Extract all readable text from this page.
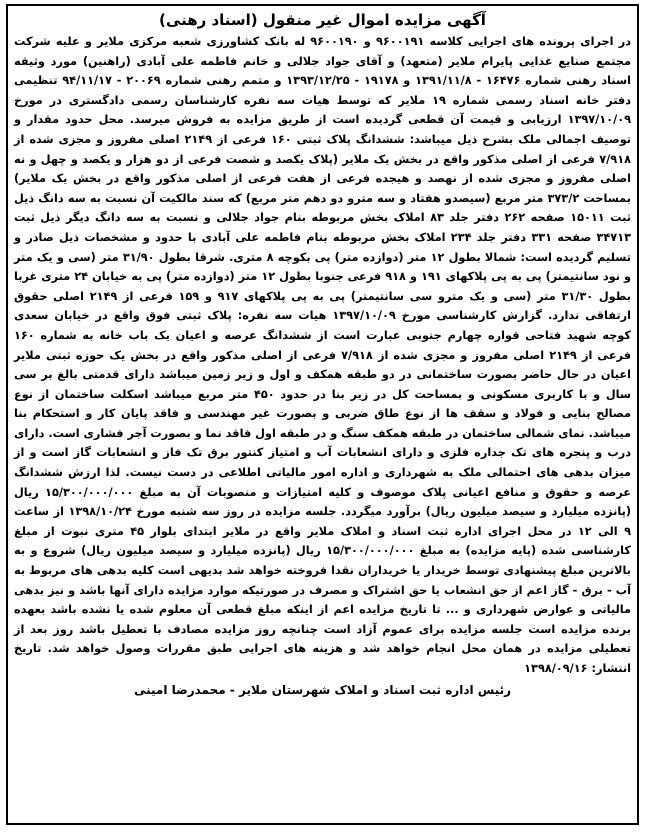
آگهی مزایده اموال غیر منقول (اسناد رهنی)

در اجرای پرونده های اجرایی کلاسه ۹۶۰۰۱۹۱ و ۹۶۰۰۱۹۰ له بانک کشاورزی شعبه مرکزی ملایر و علیه شرکت مجتمع صنایع غذایی پایرام ملایر (متعهد) و آقای جواد جلالی و خانم فاطمه علی آبادی (راهنین) مورد وثیقه اسناد رهنی شماره ۱۶۴۷۶ - ۱۳۹۱/۱۱/۸ و ۱۹۱۷۸ - ۱۳۹۳/۱۲/۲۵ و متمم رهنی شماره ۲۰۰۶۹ - ۹۴/۱۱/۱۷ تنظیمی دفتر خانه اسناد رسمی شماره ۱۹ ملایر که توسط هیات سه نفره کارشناسان رسمی دادگستری در مورخ ۱۳۹۷/۱۰/۰۹ ارزیابی و قیمت آن قطعی گردیده است از طریق مزایده به فروش میرسد. محل حدود مقدار و توصیف اجمالی ملک بشرح ذیل میباشد: ششدانگ پلاک ثبتی ۱۶۰ فرعی از ۲۱۴۹ اصلی مفروز و مجزی شده از ۷/۹۱۸ فرعی از اصلی مذکور واقع در بخش یک ملایر (پلاک یکصد و شصت فرعی از دو هزار و یکصد و چهل و نه اصلی مفروز و مجزی شده از نهصد و هیجده فرعی از هفت فرعی از اصلی مذکور واقع در بخش یک ملایر) بمساحت ۳۷۳/۲ متر مربع (سیصدو هفتاد و سه مترو دو دهم متر مربع) که سند مالکیت آن نسبت به سه دانگ ذیل ثبت ۱۵۰۱۱ صفحه ۲۶۲ دفتر جلد ۸۳ املاک بخش مربوطه بنام جواد جلالی و نسبت به سه دانگ دیگر ذیل ثبت ۳۴۷۱۳ صفحه ۳۳۱ دفتر جلد ۲۳۴ املاک بخش مربوطه بنام فاطمه علی آبادی با حدود و مشخصات ذیل صادر و تسلیم گردیده است: شمالا بطول ۱۲ متر (دوازده متر) پی بکوچه ۸ متری. شرقا بطول ۳۱/۹۰ متر (سی و یک متر و نود سانتیمتر) پی به پی پلاکهای ۱۹۱ و ۹۱۸ فرعی جنوبا بطول ۱۲ متر (دوازده متر) پی به خیابان ۲۴ متری غربا بطول ۳۱/۳۰ متر (سی و یک مترو سی سانتیمتر) پی به پی پلاکهای ۹۱۷ و ۱۵۹ فرعی از ۲۱۴۹ اصلی حقوق ارتفاقی ندارد. گزارش کارشناسی مورخ ۱۳۹۷/۱۰/۰۹ هیات سه نفره: پلاک ثبتی فوق واقع در خیابان سعدی کوچه شهید فتاحی قواره چهارم جنوبی عبارت است از ششدانگ عرصه و اعیان یک باب خانه به شماره ۱۶۰ فرعی از ۲۱۴۹ اصلی مفروز و مجزی شده از ۷/۹۱۸ فرعی از اصلی مذکور واقع در بخش یک حوزه ثبتی ملایر اعیان در حال حاضر بصورت ساختمانی در دو طبقه همکف و اول و زیر زمین میباشد دارای قدمتی بالغ بر سی سال و با کاربری مسکونی و بمساحت کل در زیر بنا در حدود ۴۵۰ متر مربع میباشد اسکلت ساختمان از نوع مصالح بنایی و فولاد و سقف ها از نوع طاق ضربی و بصورت غیر مهندسی و فاقد پایان کار و استحکام بنا میباشد. نمای شمالی ساختمان در طبقه همکف سنگ و در طبقه اول فاقد نما و بصورت آجر فشاری است. دارای درب و پنجره های تک جداره فلزی و دارای انشعابات آب و امتیاز کنتور برق تک فاز و انشعابات گاز است و از میزان بدهی های احتمالی ملک به شهرداری و اداره امور مالیاتی اطلاعی در دست نیست. لذا ارزش ششدانگ عرصه و حقوق و منافع اعیانی پلاک موصوف و کلیه امتیازات و منصوبات آن به مبلغ ۱۵/۳۰۰/۰۰۰/۰۰۰ ریال (پانزده میلیارد و سیصد میلیون ریال) برآورد میگردد. جلسه مزایده در روز سه شنبه مورخ ۱۳۹۸/۱۰/۲۴ از ساعت ۹ الی ۱۲ در محل اجرای اداره ثبت اسناد و املاک ملایر واقع در ملایر ابتدای بلوار ۴۵ متری نبوت از مبلغ کارشناسی شده (پایه مزایده) به مبلغ ۱۵/۳۰۰/۰۰۰/۰۰۰ ریال (پانزده میلیارد و سیصد میلیون ریال) شروع و به بالاترین مبلغ پیشنهادی توسط خریدار یا خریداران نقدا فروخته خواهد شد بدیهی است کلیه بدهی های مربوط به آب - برق - گاز اعم از حق انشعاب یا حق اشتراک و مصرف در صورتیکه موارد مزایده دارای آنها باشد و نیز بدهی مالیاتی و عوارض شهرداری و ... تا تاریخ مزایده اعم از اینکه مبلغ قطعی آن معلوم شده یا نشده باشد بعهده برنده مزایده است جلسه مزایده برای عموم آزاد است چنانچه روز مزایده مصادف با تعطیل باشد روز بعد از تعطیلی مزایده در همان محل انجام خواهد شد و هزینه های اجرایی طبق مقررات وصول خواهد شد. تاریخ انتشار: ۱۳۹۸/۰۹/۱۶

رئیس اداره ثبت اسناد و املاک شهرستان ملایر - محمدرضا امینی
